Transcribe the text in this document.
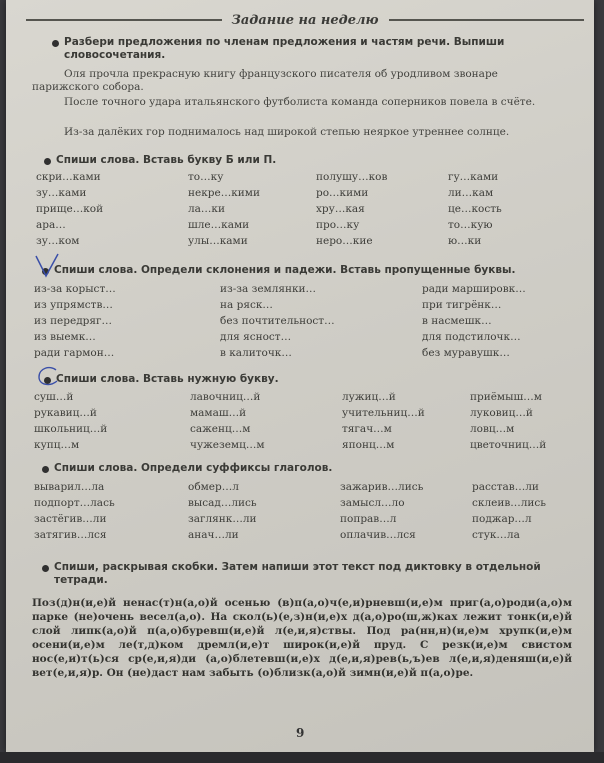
Задание на неделю
Разбери предложения по членам предложения и частям речи. Выпиши словосочетания.
Оля прочла прекрасную книгу французского писателя об уродливом звонаре парижского собора.
После точного удара итальянского футболиста команда соперников повела в счёте.
Из-за далёких гор поднималось над широкой степью неяркое утреннее солнце.
Спиши слова. Вставь букву Б или П.
скри…ками	то…ку	полушу…ков	гу…ками
зу…ками	некре…кими	ро…кими	ли…кам
прище…кой	ла…ки	хру…кая	це…кость
ара…	шле…ками	про…ку	то…кую
зу…ком	улы…ками	неро…кие	ю…ки
Спиши слова. Определи склонения и падежи. Вставь пропущенные буквы.
из-за корыст…	из-за землянки…	ради маршировк…
из упрямств…	на ряск…	при тигрёнк…
из передряг…	без почтительност…	в насмешк…
из выемк…	для ясност…	для подстилочк…
ради гармон…	в калиточк…	без муравушк…
Спиши слова. Вставь нужную букву.
суш…й	лавочниц…й	лужиц…й	приёмыш…м
рукавиц…й	мамаш…й	учительниц…й	луковиц…й
школьниц…й	саженц…м	тягач…м	ловц…м
купц…м	чужеземц…м	японц…м	цветочниц…й
Спиши слова. Определи суффиксы глаголов.
выварил…ла	обмер…л	зажарив…лись	расстав…ли
подпорт…лась	высад…лись	замысл…ло	склеив…лись
застёгив…ли	заглянк…ли	поправ…л	поджар…л
затягив…лся	анач…ли	оплачив…лся	стук…ла
Спиши, раскрывая скобки. Затем напиши этот текст под диктовку в отдельной тетради.

Поз(д)н(и,е)й ненас(т)н(а,о)й осенью (в)п(а,о)ч(е,и)рневш(и,е)м приг(а,о)роди(а,о)м парке (не)очень весел(а,о). На скол(ь)(е,з)н(и,е)х д(а,о)ро(ш,ж)ках лежит тонк(и,е)й слой липк(а,о)й п(а,о)буревш(и,е)й л(е,и,я)ствы. Под ра(нн,н)(и,е)м хрупк(и,е)м осени(и,е)м ле(т,д)ком дремл(и,е)т широк(и,е)й пруд. С резк(и,е)м свистом нос(е,и)т(ь)ся ср(е,и,я)ди (а,о)блетевш(и,е)х д(е,и,я)рев(ь,ъ)ев л(е,и,я)деняш(и,е)й вет(е,и,я)р. Он (не)даст нам забыть (о)близк(а,о)й зимн(и,е)й п(а,о)ре.

9
